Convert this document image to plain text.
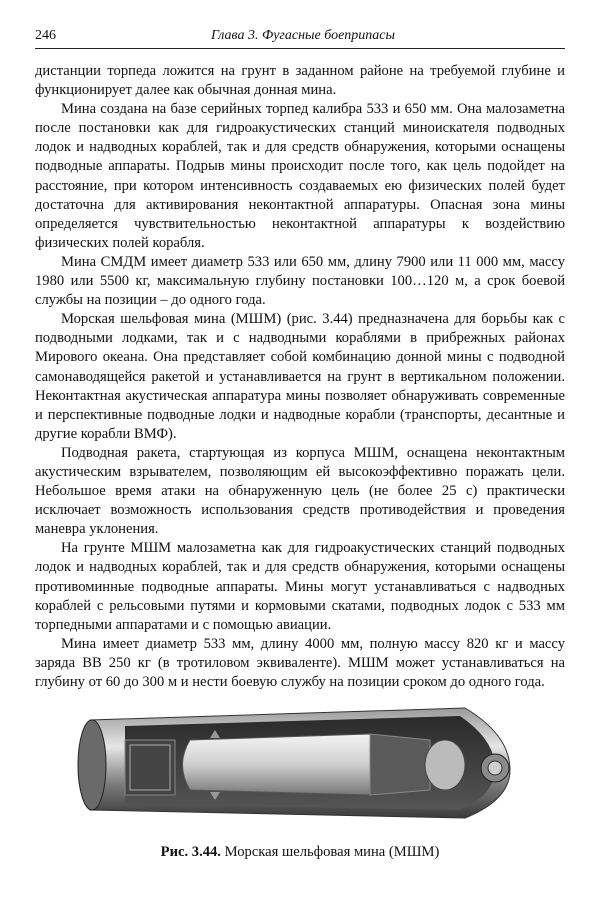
246	Глава 3. Фугасные боеприпасы

дистанции торпеда ложится на грунт в заданном районе на требуемой глубине и функционирует далее как обычная донная мина.

Мина создана на базе серийных торпед калибра 533 и 650 мм. Она малозаметна после постановки как для гидроакустических станций миноискателя подводных лодок и надводных кораблей, так и для средств обнаружения, которыми оснащены подводные аппараты. Подрыв мины происходит после того, как цель подойдет на расстояние, при котором интенсивность создаваемых ею физических полей будет достаточна для активирования неконтактной аппаратуры. Опасная зона мины определяется чувствительностью неконтактной аппаратуры к воздействию физических полей корабля.

Мина СМДМ имеет диаметр 533 или 650 мм, длину 7900 или 11 000 мм, массу 1980 или 5500 кг, максимальную глубину постановки 100…120 м, а срок боевой службы на позиции – до одного года.

Морская шельфовая мина (МШМ) (рис. 3.44) предназначена для борьбы как с подводными лодками, так и с надводными кораблями в прибрежных районах Мирового океана. Она представляет собой комбинацию донной мины с подводной самонаводящейся ракетой и устанавливается на грунт в вертикальном положении. Неконтактная акустическая аппаратура мины позволяет обнаруживать современные и перспективные подводные лодки и надводные корабли (транспорты, десантные и другие корабли ВМФ).

Подводная ракета, стартующая из корпуса МШМ, оснащена неконтактным акустическим взрывателем, позволяющим ей высокоэффективно поражать цели. Небольшое время атаки на обнаруженную цель (не более 25 с) практически исключает возможность использования средств противодействия и проведения маневра уклонения.

На грунте МШМ малозаметна как для гидроакустических станций подводных лодок и надводных кораблей, так и для средств обнаружения, которыми оснащены противоминные подводные аппараты. Мины могут устанавливаться с надводных кораблей с рельсовыми путями и кормовыми скатами, подводных лодок с 533 мм торпедными аппаратами и с помощью авиации.

Мина имеет диаметр 533 мм, длину 4000 мм, полную массу 820 кг и массу заряда ВВ 250 кг (в тротиловом эквиваленте). МШМ может устанавливаться на глубину от 60 до 300 м и нести боевую службу на позиции сроком до одного года.

Рис. 3.44. Морская шельфовая мина (МШМ)
